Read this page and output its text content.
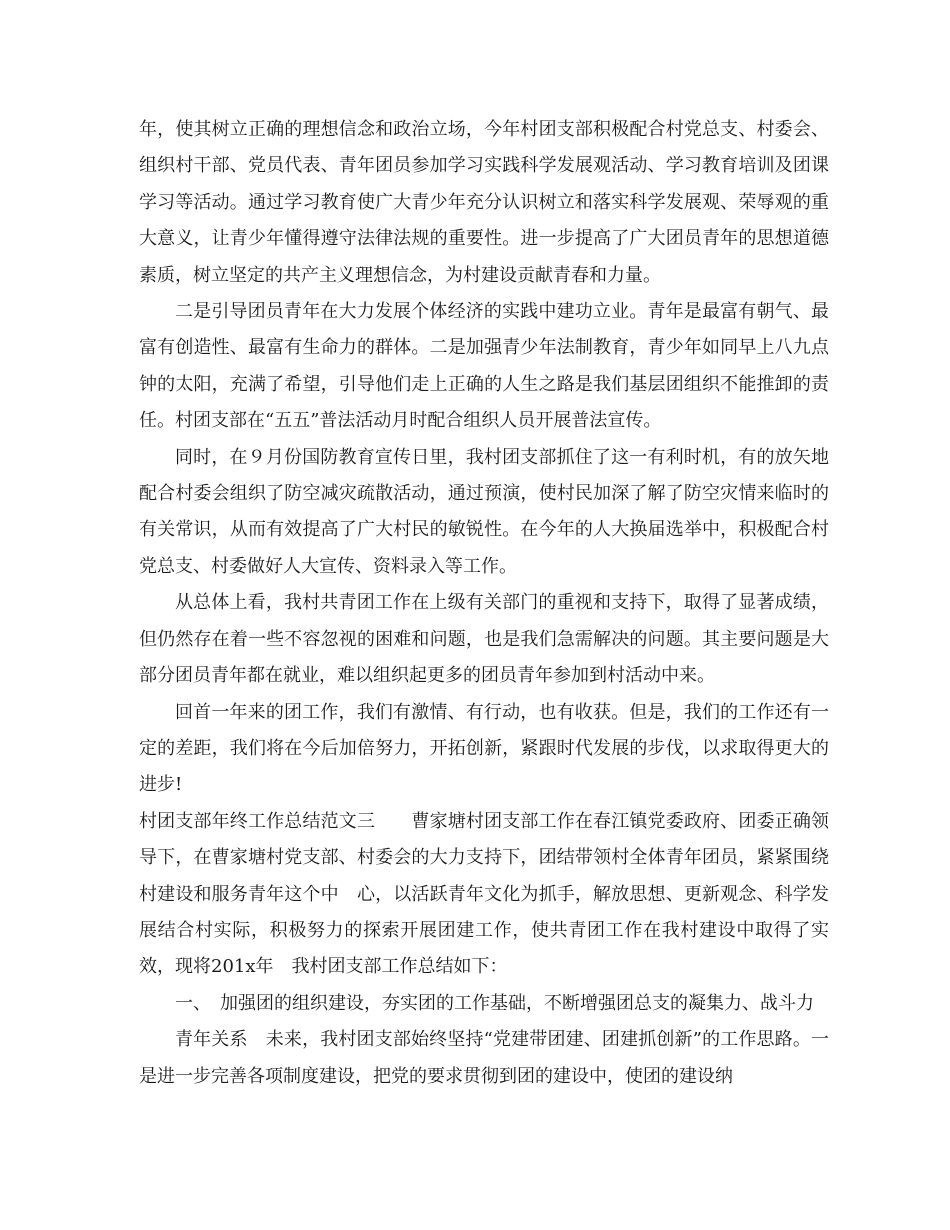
年，使其树立正确的理想信念和政治立场，今年村团支部积极配合村党总支、村委会、组织村干部、党员代表、青年团员参加学习实践科学发展观活动、学习教育培训及团课学习等活动。通过学习教育使广大青少年充分认识树立和落实科学发展观、荣辱观的重大意义，让青少年懂得遵守法律法规的重要性。进一步提高了广大团员青年的思想道德素质，树立坚定的共产主义理想信念，为村建设贡献青春和力量。

二是引导团员青年在大力发展个体经济的实践中建功立业。青年是最富有朝气、最富有创造性、最富有生命力的群体。二是加强青少年法制教育，青少年如同早上八九点钟的太阳，充满了希望，引导他们走上正确的人生之路是我们基层团组织不能推卸的责任。村团支部在“五五”普法活动月时配合组织人员开展普法宣传。

同时，在９月份国防教育宣传日里，我村团支部抓住了这一有利时机，有的放矢地配合村委会组织了防空减灾疏散活动，通过预演，使村民加深了解了防空灾情来临时的有关常识，从而有效提高了广大村民的敏锐性。在今年的人大换届选举中，积极配合村党总支、村委做好人大宣传、资料录入等工作。

从总体上看，我村共青团工作在上级有关部门的重视和支持下，取得了显著成绩，但仍然存在着一些不容忽视的困难和问题，也是我们急需解决的问题。其主要问题是大部分团员青年都在就业，难以组织起更多的团员青年参加到村活动中来。

回首一年来的团工作，我们有激情、有行动，也有收获。但是，我们的工作还有一定的差距，我们将在今后加倍努力，开拓创新，紧跟时代发展的步伐，以求取得更大的进步!

村团支部年终工作总结范文三　　曹家塘村团支部工作在春江镇党委政府、团委正确领导下，在曹家塘村党支部、村委会的大力支持下，团结带领村全体青年团员，紧紧围绕村建设和服务青年这个中　心，以活跃青年文化为抓手，解放思想、更新观念、科学发展结合村实际，积极努力的探索开展团建工作，使共青团工作在我村建设中取得了实效，现将201x年　我村团支部工作总结如下：

一、　加强团的组织建设，夯实团的工作基础，不断增强团总支的凝集力、战斗力

青年关系　未来，我村团支部始终坚持“党建带团建、团建抓创新”的工作思路。一是进一步完善各项制度建设，把党的要求贯彻到团的建设中，使团的建设纳
